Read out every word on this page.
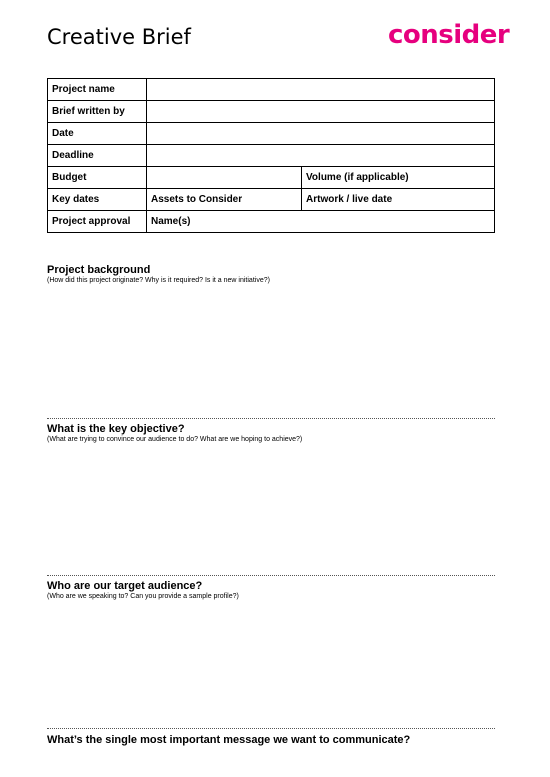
Creative Brief	consider
Project name		
Brief written by		
Date		
Deadline		
Budget		Volume (if applicable)
Key dates	Assets to Consider	Artwork / live date
Project approval	Name(s)	

Project background

(How did this project originate? Why is it required? Is it a new initiative?)

What is the key objective?

(What are trying to convince our audience to do? What are we hoping to achieve?)

Who are our target audience?

(Who are we speaking to? Can you provide a sample profile?)

What’s the single most important message we want to communicate?
